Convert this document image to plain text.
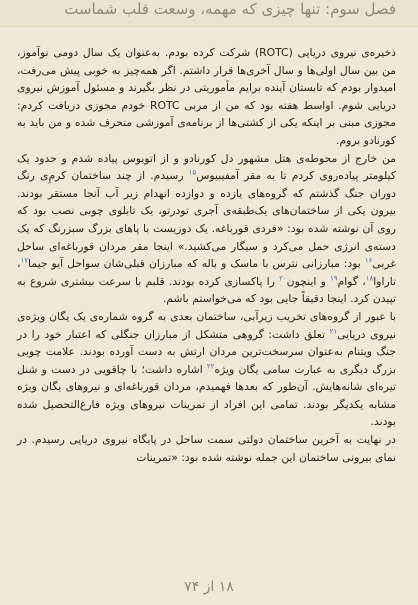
فصل سوم: تنها چیزی که مهمه، وسعت قلب شماست

ذخیره‌ی نیروی دریایی (ROTC) شرکت کرده بودم. به‌عنوان یک سال دومی نوآموز، من بین سال اولی‌ها و سال آخری‌ها قرار داشتم. اگر همه‌چیز به خوبی پیش می‌رفت، امیدوار بودم که تابستان آینده برایم مأموریتی در نظر بگیرند و مسئول آموزش نیروی دریایی شوم. اواسط هفته بود که من از مربی ROTC خودم مجوزی دریافت کردم: مجوزی مبنی بر اینکه یکی از کشتی‌ها از برنامه‌ی آموزشی منحرف شده و من باید به کورنادو بروم.

من خارج از محوطه‌ی هتل مشهور دل کورنادو و از اتوبوس پیاده شدم و حدود یک کیلومتر پیاده‌روی کردم تا به مقر آمفیبیوس$^{۱۵}$ رسیدم. از چند ساختمان کرمِ‌ی رنگ دوران جنگ گذشتم که گروه‌های یازده و دوازده انهدام زیر آب آنجا مستقر بودند. بیرون یکی از ساختمان‌های یک‌طبقه‌ی آجری تودرتو، یک تابلوی چوبی نصب بود که روی آن نوشته شده بود: «فردی قورباغه. یک دوزیست با پاهای بزرگ سبزرنگ که یک دسته‌ی انرژی حمل می‌کرد و سیگار می‌کشید.» اینجا مقر مردان قورباغه‌ای ساحل غربی$^{۱۶}$ بود: مبارزانی نترس با ماسک و باله که مبارزان قبلی‌شان سواحل آیو جیما$^{۱۷}$، تاراوا$^{۱۸}$، گوام$^{۱۹}$ و اینچون$^{۲۰}$ را پاکسازی کرده بودند. قلبم با سرعت بیشتری شروع به تپیدن کرد. اینجا دقیقاً جایی بود که می‌خواستم باشم.

با عبور از گروه‌های تخریب زیرآبی، ساختمان بعدی به گروه شماره‌ی یک یگان ویژه‌ی نیروی دریایی$^{۲۱}$ تعلق داشت: گروهی متشکل از مبارزان جنگلی که اعتبار خود را در جنگ ویتنام به‌عنوان سرسخت‌ترین مردان ارتش به دست آورده بودند. علامت چوبی بزرگ دیگری به عبارت سامی یگان ویژه$^{۲۲}$ اشاره داشت؛ با چاقویی در دست و شنل تیره‌ای شانه‌هایش. آن‌طور که بعدها فهمیدم، مردان قورباغه‌ای و نیروهای یگان ویژه مشابه یکدیگر بودند. تمامی این افراد از تمرینات نیروهای ویژه فارغ‌التحصیل شده بودند.

در نهایت به آخرین ساختمان دولتی سمت ساحل در پایگاه نیروی دریایی رسیدم. در نمای بیرونی ساختمان این جمله نوشته شده بود: «تمرینات

۱۸ از ۷۴
